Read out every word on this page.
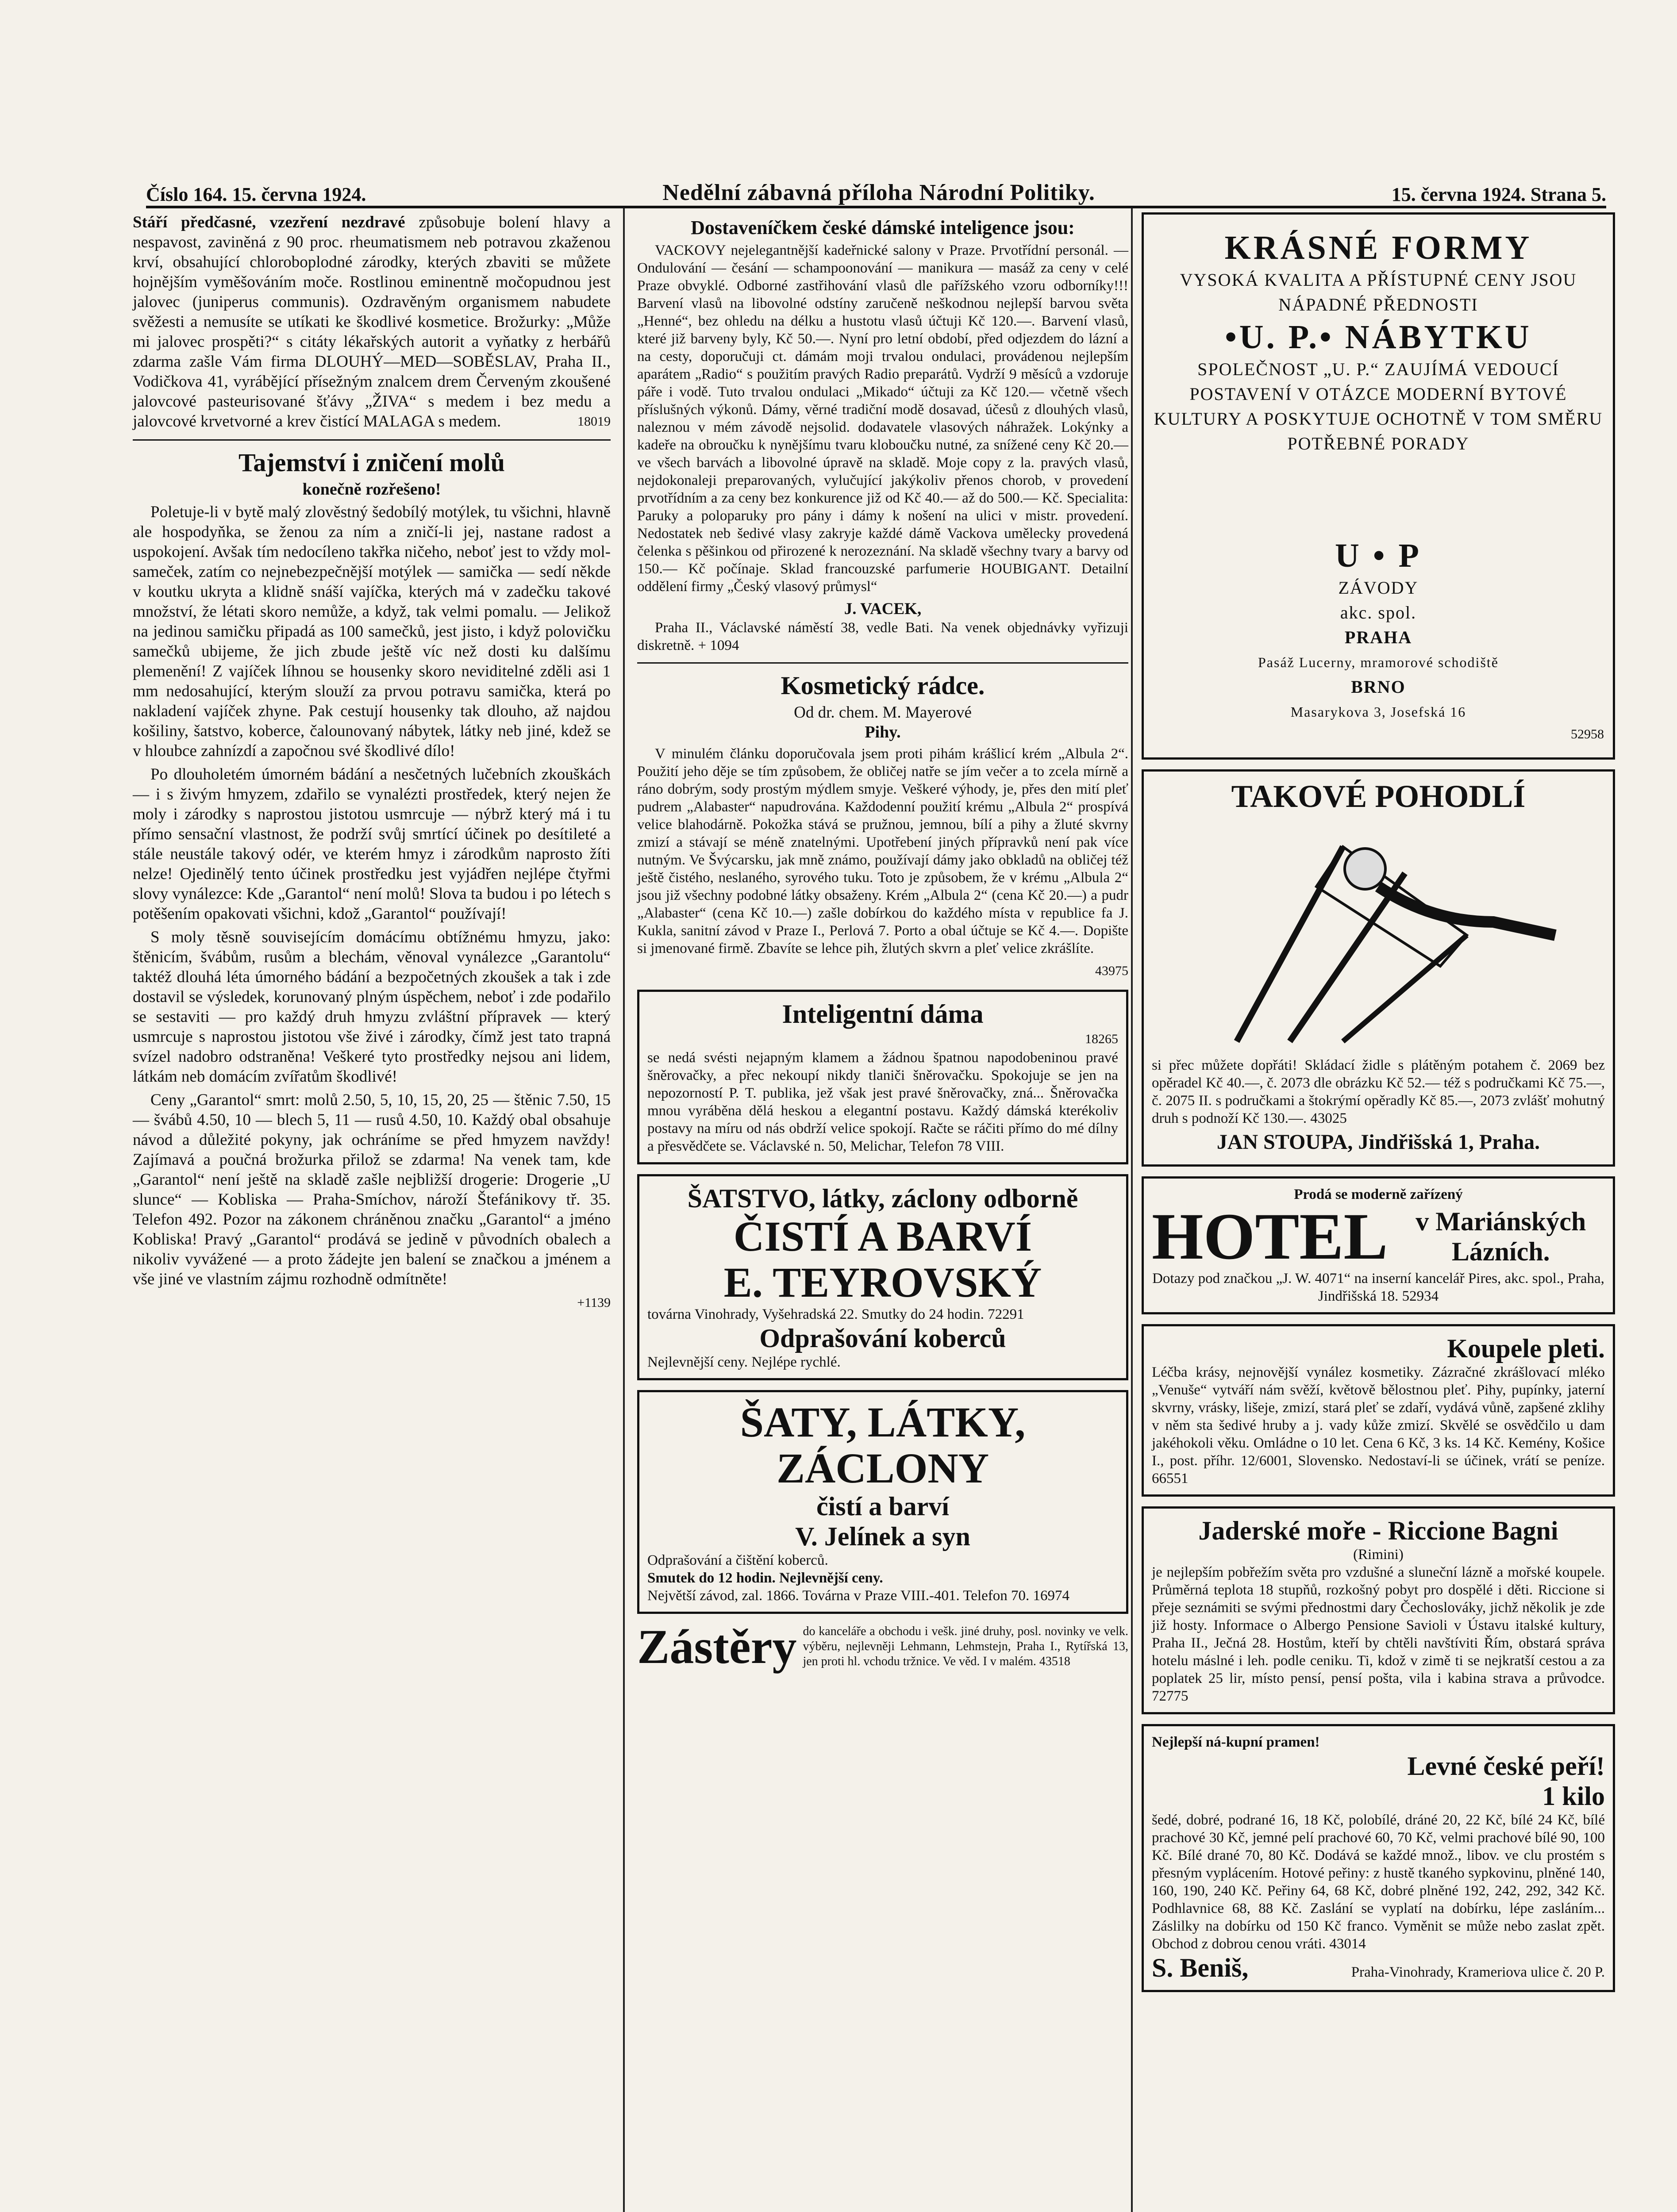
Číslo 164. 15. června 1924.	Nedělní zábavná příloha Národní Politiky.	15. června 1924. Strana 5.

Stáří předčasné, vzezření nezdravé způsobuje bolení hlavy a nespavost, zaviněná z 90 proc. rheumatismem neb potravou zkaženou krví, obsahující chloroboplodné zárodky, kterých zbaviti se můžete hojnějším vyměšováním moče. Rostlinou eminentně močopudnou jest jalovec (juniperus communis). Ozdravěným organismem nabudete svěžesti a nemusíte se utíkati ke škodlivé kosmetice. Brožurky: „Může mi jalovec prospěti?“ s citáty lékařských autorit a vyňatky z herbářů zdarma zašle Vám firma DLOUHÝ—MED—SOBĚSLAV, Praha II., Vodičkova 41, vyrábějící přísežným znalcem drem Červeným zkoušené jalovcové pasteurisované šťávy „ŽIVA“ s medem i bez medu a jalovcové krvetvorné a krev čistící MALAGA s medem.	18019

Tajemství i zničení molů
konečně rozřešeno!

Poletuje-li v bytě malý zlověstný šedobílý motýlek, tu všichni, hlavně ale hospodyňka, se ženou za ním a zničí-li jej, nastane radost a uspokojení. Avšak tím nedocíleno takřka ničeho, neboť jest to vždy mol-sameček, zatím co nejnebezpečnější motýlek — samička — sedí někde v koutku ukryta a klidně snáší vajíčka, kterých má v zadečku takové množství, že létati skoro nemůže, a když, tak velmi pomalu. — Jelikož na jedinou samičku připadá as 100 samečků, jest jisto, i když polovičku samečků ubijeme, že jich zbude ještě víc než dosti ku dalšímu plemenění! Z vajíček líhnou se housenky skoro neviditelné zděli asi 1 mm nedosahující, kterým slouží za prvou potravu samička, která po nakladení vajíček zhyne. Pak cestují housenky tak dlouho, až najdou košiliny, šatstvo, koberce, čalounovaný nábytek, látky neb jiné, kdež se v hloubce zahnízdí a započnou své škodlivé dílo!

Po dlouholetém úmorném bádání a nesčetných lučebních zkouškách — i s živým hmyzem, zdařilo se vynalézti prostředek, který nejen že moly i zárodky s naprostou jistotou usmrcuje — nýbrž který má i tu přímo sensační vlastnost, že podrží svůj smrtící účinek po desítileté a stále neustále takový odér, ve kterém hmyz i zárodkům naprosto žíti nelze! Ojedinělý tento účinek prostředku jest vyjádřen nejlépe čtyřmi slovy vynálezce: Kde „Garantol“ není molů! Slova ta budou i po létech s potěšením opakovati všichni, kdož „Garantol“ používají!

S moly těsně souvisejícím domácímu obtížnému hmyzu, jako: štěnicím, švábům, rusům a blechám, věnoval vynálezce „Garantolu“ taktéž dlouhá léta úmorného bádání a bezpočetných zkoušek a tak i zde dostavil se výsledek, korunovaný plným úspěchem, neboť i zde podařilo se sestaviti — pro každý druh hmyzu zvláštní přípravek — který usmrcuje s naprostou jistotou vše živé i zárodky, čímž jest tato trapná svízel nadobro odstraněna! Veškeré tyto prostředky nejsou ani lidem, látkám neb domácím zvířatům škodlivé!

Ceny „Garantol“ smrt: molů 2.50, 5, 10, 15, 20, 25 — štěnic 7.50, 15 — švábů 4.50, 10 — blech 5, 11 — rusů 4.50, 10. Každý obal obsahuje návod a důležité pokyny, jak ochráníme se před hmyzem navždy! Zajímavá a poučná brožurka přilož se zdarma! Na venek tam, kde „Garantol“ není ještě na skladě zašle nejbližší drogerie: Drogerie „U slunce“ — Kobliska — Praha-Smíchov, nároží Štefánikovy tř. 35. Telefon 492. Pozor na zákonem chráněnou značku „Garantol“ a jméno Kobliska! Pravý „Garantol“ prodává se jedině v původních obalech a nikoliv vyvážené — a proto žádejte jen balení se značkou a jménem a vše jiné ve vlastním zájmu rozhodně odmítněte!

+1139
Dostaveníčkem české dámské inteligence jsou:

VACKOVY nejelegantnější kadeřnické salony v Praze. Prvotřídní personál. — Ondulování — česání — schampoonování — manikura — masáž za ceny v celé Praze obvyklé. Odborné zastřihování vlasů dle pařížského vzoru odborníky!!! Barvení vlasů na libovolné odstíny zaručeně neškodnou nejlepší barvou světa „Henné“, bez ohledu na délku a hustotu vlasů účtuji Kč 120.—. Barvení vlasů, které již barveny byly, Kč 50.—. Nyní pro letní období, před odjezdem do lázní a na cesty, doporučuji ct. dámám moji trvalou ondulaci, provádenou nejlepším aparátem „Radio“ s použitím pravých Radio preparátů. Vydrží 9 měsíců a vzdoruje páře i vodě. Tuto trvalou ondulaci „Mikado“ účtuji za Kč 120.— včetně všech příslušných výkonů. Dámy, věrné tradiční modě dosavad, účesů z dlouhých vlasů, naleznou v mém závodě nejsolid. dodavatele vlasových náhražek. Lokýnky a kadeře na obroučku k nynějšímu tvaru kloboučku nutné, za snížené ceny Kč 20.— ve všech barvách a libovolné úpravě na skladě. Moje copy z la. pravých vlasů, nejdokonaleji preparovaných, vylučující jakýkoliv přenos chorob, v provedení prvotřídním a za ceny bez konkurence již od Kč 40.— až do 500.— Kč. Specialita: Paruky a poloparuky pro pány i dámy k nošení na ulici v mistr. provedení. Nedostatek neb šedivé vlasy zakryje každé dámě Vackova umělecky provedená čelenka s pěšinkou od přirozené k nerozeznání. Na skladě všechny tvary a barvy od 150.— Kč počínaje. Sklad francouzské parfumerie HOUBIGANT. Detailní oddělení firmy „Český vlasový průmysl“

J. VACEK,

Praha II., Václavské náměstí 38, vedle Bati. Na venek objednávky vyřizuji diskretně. + 1094

Kosmetický rádce.
Od dr. chem. M. Mayerové
Pihy.

V minulém článku doporučovala jsem proti pihám krášlicí krém „Albula 2“. Použití jeho děje se tím způsobem, že obličej natře se jím večer a to zcela mírně a ráno dobrým, sody prostým mýdlem smyje. Veškeré výhody, je, přes den mití pleť pudrem „Alabaster“ napudrována. Každodenní použití krému „Albula 2“ prospívá velice blahodárně. Pokožka stává se pružnou, jemnou, bílí a pihy a žluté skvrny zmizí a stávají se méně znatelnými. Upotřebení jiných přípravků není pak více nutným. Ve Švýcarsku, jak mně známo, používají dámy jako obkladů na obličej též ještě čistého, neslaného, syrového tuku. Toto je způsobem, že v krému „Albula 2“ jsou již všechny podobné látky obsaženy. Krém „Albula 2“ (cena Kč 20.—) a pudr „Alabaster“ (cena Kč 10.—) zašle dobírkou do každého místa v republice fa J. Kukla, sanitní závod v Praze I., Perlová 7. Porto a obal účtuje se Kč 4.—. Dopište si jmenované firmě. Zbavíte se lehce pih, žlutých skvrn a pleť velice zkrášlíte.

43975
Inteligentní dáma
18265
se nedá svésti nejapným klamem a žádnou špatnou napodobeninou pravé šněrovačky, a přec nekoupí nikdy tlaniči šněrovačku. Spokojuje se jen na nepozorností P. T. publika, jež však jest pravé šněrovačky, zná... Šněrovačka mnou vyráběna dělá heskou a elegantní postavu. Každý dámská kterékoliv postavy na míru od nás obdrží velice spokojí. Račte se ráčiti přímo do mé dílny a přesvědčete se. Václavské n. 50, Melichar, Telefon 78 VIII.
ŠATSTVO, látky, záclony odborně
ČISTÍ A BARVÍ
E. TEYROVSKÝ
továrna Vinohrady, Vyšehradská 22. Smutky do 24 hodin. 72291
Odprašování koberců
Nejlevnější ceny. Nejlépe rychlé.
ŠATY, LÁTKY, ZÁCLONY
čistí a barví
V. Jelínek a syn
Odprašování a čištění koberců.
Smutek do 12 hodin. Nejlevnější ceny.
Největší závod, zal. 1866. Továrna v Praze VIII.-401. Telefon 70. 16974
Zástěry do kanceláře a obchodu i vešk. jiné druhy, posl. novinky ve velk. výběru, nejlevněji Lehmann, Lehmstejn, Praha I., Rytířská 13, jen proti hl. vchodu tržnice. Ve věd. I v malém. 43518
KRÁSNÉ FORMY
VYSOKÁ KVALITA A PŘÍSTUPNÉ CENY JSOU NÁPADNÉ PŘEDNOSTI
•U. P.• NÁBYTKU
SPOLEČNOST „U. P.“ ZAUJÍMÁ VEDOUCÍ POSTAVENÍ V OTÁZCE MODERNÍ BYTOVÉ KULTURY A POSKYTUJE OCHOTNĚ V TOM SMĚRU POTŘEBNÉ PORADY
U • P
ZÁVODY
akc. spol.
PRAHA
Pasáž Lucerny, mramorové schodiště
BRNO
Masarykova 3, Josefská 16
52958
TAKOVÉ POHODLÍ
si přec můžete dopřáti! Skládací židle s plátěným potahem č. 2069 bez opěradel Kč 40.—, č. 2073 dle obrázku Kč 52.— též s područkami Kč 75.—, č. 2075 II. s područkami a štokrýmí opěradly Kč 85.—, 2073 zvlášť mohutný druh s podnoží Kč 130.—. 43025
JAN STOUPA, Jindřišská 1, Praha.
Prodá se moderně zařízený
HOTEL	v Mariánských Lázních.
Dotazy pod značkou „J. W. 4071“ na inserní kancelář Pires, akc. spol., Praha, Jindřišská 18. 52934
Koupele pleti.
Léčba krásy, nejnovější vynález kosmetiky. Zázračné zkrášlovací mléko „Venuše“ vytváří nám svěží, květově bělostnou pleť. Pihy, pupínky, jaterní skvrny, vrásky, lišeje, zmizí, stará pleť se zdaří, vydává vůně, zapšené zklihy v něm sta šedivé hruby a j. vady kůže zmizí. Skvělé se osvědčilo u dam jakéhokoli věku. Omládne o 10 let. Cena 6 Kč, 3 ks. 14 Kč. Kemény, Košice I., post. příhr. 12/6001, Slovensko. Nedostaví-li se účinek, vrátí se peníze. 66551
Jaderské moře - Riccione Bagni
(Rimini)
je nejlepším pobřežím světa pro vzdušné a sluneční lázně a mořské koupele. Průměrná teplota 18 stupňů, rozkošný pobyt pro dospělé i děti. Riccione si přeje seznámiti se svými přednostmi dary Čechoslováky, jichž několik je zde již hosty. Informace o Albergo Pensione Savioli v Ústavu italské kultury, Praha II., Ječná 28. Hostům, kteří by chtěli navštíviti Řím, obstará správa hotelu máslné i leh. podle ceniku. Ti, kdož v zimě ti se nejkratší cestou a za poplatek 25 lir, místo pensí, pensí pošta, vila i kabina strava a průvodce. 72775
Nejlepší ná-kupní pramen!
Levné české peří!
1 kilo
šedé, dobré, podrané 16, 18 Kč, polobílé, dráné 20, 22 Kč, bílé 24 Kč, bílé prachové 30 Kč, jemné pelí prachové 60, 70 Kč, velmi prachové bílé 90, 100 Kč. Bílé drané 70, 80 Kč. Dodává se každé množ., libov. ve clu prostém s přesným vyplácením. Hotové peřiny: z hustě tkaného sypkovinu, plněné 140, 160, 190, 240 Kč. Peřiny 64, 68 Kč, dobré plněné 192, 242, 292, 342 Kč. Podhlavnice 68, 88 Kč. Zaslání se vyplatí na dobírku, lépe zasláním... Záslilky na dobírku od 150 Kč franco. Vyměnit se může nebo zaslat zpět. Obchod z dobrou cenou vráti. 43014
S. Beniš,	Praha-Vinohrady, Krameriova ulice č. 20 P.
